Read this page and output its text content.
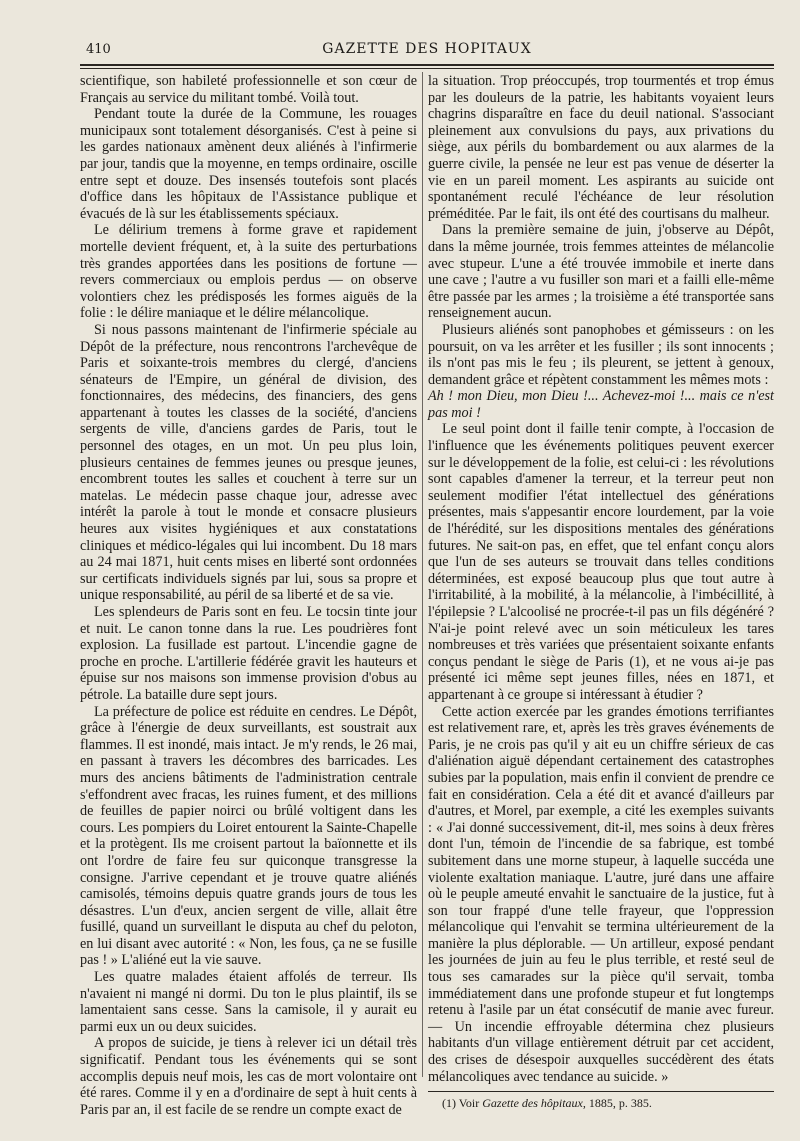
410	GAZETTE DES HOPITAUX

scientifique, son habileté professionnelle et son cœur de Français au service du militant tombé. Voilà tout.

Pendant toute la durée de la Commune, les rouages municipaux sont totalement désorganisés. C'est à peine si les gardes nationaux amènent deux aliénés à l'infirmerie par jour, tandis que la moyenne, en temps ordinaire, oscille entre sept et douze. Des insensés toutefois sont placés d'office dans les hôpitaux de l'Assistance publique et évacués de là sur les établissements spéciaux.

Le délirium tremens à forme grave et rapidement mortelle devient fréquent, et, à la suite des perturbations très grandes apportées dans les positions de fortune — revers commerciaux ou emplois perdus — on observe volontiers chez les prédisposés les formes aiguës de la folie : le délire maniaque et le délire mélancolique.

Si nous passons maintenant de l'infirmerie spéciale au Dépôt de la préfecture, nous rencontrons l'archevêque de Paris et soixante-trois membres du clergé, d'anciens sénateurs de l'Empire, un général de division, des fonctionnaires, des médecins, des financiers, des gens appartenant à toutes les classes de la société, d'anciens sergents de ville, d'anciens gardes de Paris, tout le personnel des otages, en un mot. Un peu plus loin, plusieurs centaines de femmes jeunes ou presque jeunes, encombrent toutes les salles et couchent à terre sur un matelas. Le médecin passe chaque jour, adresse avec intérêt la parole à tout le monde et consacre plusieurs heures aux visites hygiéniques et aux constatations cliniques et médico-légales qui lui incombent. Du 18 mars au 24 mai 1871, huit cents mises en liberté sont ordonnées sur certificats individuels signés par lui, sous sa propre et unique responsabilité, au péril de sa liberté et de sa vie.

Les splendeurs de Paris sont en feu. Le tocsin tinte jour et nuit. Le canon tonne dans la rue. Les poudrières font explosion. La fusillade est partout. L'incendie gagne de proche en proche. L'artillerie fédérée gravit les hauteurs et épuise sur nos maisons son immense provision d'obus au pétrole. La bataille dure sept jours.

La préfecture de police est réduite en cendres. Le Dépôt, grâce à l'énergie de deux surveillants, est soustrait aux flammes. Il est inondé, mais intact. Je m'y rends, le 26 mai, en passant à travers les décombres des barricades. Les murs des anciens bâtiments de l'administration centrale s'effondrent avec fracas, les ruines fument, et des millions de feuilles de papier noirci ou brûlé voltigent dans les cours. Les pompiers du Loiret entourent la Sainte-Chapelle et la protègent. Ils me croisent partout la baïonnette et ils ont l'ordre de faire feu sur quiconque transgresse la consigne. J'arrive cependant et je trouve quatre aliénés camisolés, témoins depuis quatre grands jours de tous les désastres. L'un d'eux, ancien sergent de ville, allait être fusillé, quand un surveillant le disputa au chef du peloton, en lui disant avec autorité : « Non, les fous, ça ne se fusille pas ! » L'aliéné eut la vie sauve.

Les quatre malades étaient affolés de terreur. Ils n'avaient ni mangé ni dormi. Du ton le plus plaintif, ils se lamentaient sans cesse. Sans la camisole, il y aurait eu parmi eux un ou deux suicides.

A propos de suicide, je tiens à relever ici un détail très significatif. Pendant tous les événements qui se sont accomplis depuis neuf mois, les cas de mort volontaire ont été rares. Comme il y en a d'ordinaire de sept à huit cents à Paris par an, il est facile de se rendre un compte exact de

la situation. Trop préoccupés, trop tourmentés et trop émus par les douleurs de la patrie, les habitants voyaient leurs chagrins disparaître en face du deuil national. S'associant pleinement aux convulsions du pays, aux privations du siège, aux périls du bombardement ou aux alarmes de la guerre civile, la pensée ne leur est pas venue de déserter la vie en un pareil moment. Les aspirants au suicide ont spontanément reculé l'échéance de leur résolution préméditée. Par le fait, ils ont été des courtisans du malheur.

Dans la première semaine de juin, j'observe au Dépôt, dans la même journée, trois femmes atteintes de mélancolie avec stupeur. L'une a été trouvée immobile et inerte dans une cave ; l'autre a vu fusiller son mari et a failli elle-même être passée par les armes ; la troisième a été transportée sans renseignement aucun.

Plusieurs aliénés sont panophobes et gémisseurs : on les poursuit, on va les arrêter et les fusiller ; ils sont innocents ; ils n'ont pas mis le feu ; ils pleurent, se jettent à genoux, demandent grâce et répètent constamment les mêmes mots :

Ah ! mon Dieu, mon Dieu !... Achevez-moi !... mais ce n'est pas moi !

Le seul point dont il faille tenir compte, à l'occasion de l'influence que les événements politiques peuvent exercer sur le développement de la folie, est celui-ci : les révolutions sont capables d'amener la terreur, et la terreur peut non seulement modifier l'état intellectuel des générations présentes, mais s'appesantir encore lourdement, par la voie de l'hérédité, sur les dispositions mentales des générations futures. Ne sait-on pas, en effet, que tel enfant conçu alors que l'un de ses auteurs se trouvait dans telles conditions déterminées, est exposé beaucoup plus que tout autre à l'irritabilité, à la mobilité, à la mélancolie, à l'imbécillité, à l'épilepsie ? L'alcoolisé ne procrée-t-il pas un fils dégénéré ? N'ai-je point relevé avec un soin méticuleux les tares nombreuses et très variées que présentaient soixante enfants conçus pendant le siège de Paris (1), et ne vous ai-je pas présenté ici même sept jeunes filles, nées en 1871, et appartenant à ce groupe si intéressant à étudier ?

Cette action exercée par les grandes émotions terrifiantes est relativement rare, et, après les très graves événements de Paris, je ne crois pas qu'il y ait eu un chiffre sérieux de cas d'aliénation aiguë dépendant certainement des catastrophes subies par la population, mais enfin il convient de prendre ce fait en considération. Cela a été dit et avancé d'ailleurs par d'autres, et Morel, par exemple, a cité les exemples suivants : « J'ai donné successivement, dit-il, mes soins à deux frères dont l'un, témoin de l'incendie de sa fabrique, est tombé subitement dans une morne stupeur, à laquelle succéda une violente exaltation maniaque. L'autre, juré dans une affaire où le peuple ameuté envahit le sanctuaire de la justice, fut à son tour frappé d'une telle frayeur, que l'oppression mélancolique qui l'envahit se termina ultérieurement de la manière la plus déplorable. — Un artilleur, exposé pendant les journées de juin au feu le plus terrible, et resté seul de tous ses camarades sur la pièce qu'il servait, tomba immédiatement dans une profonde stupeur et fut longtemps retenu à l'asile par un état consécutif de manie avec fureur. — Un incendie effroyable détermina chez plusieurs habitants d'un village entièrement détruit par cet accident, des crises de désespoir auxquelles succédèrent des états mélancoliques avec tendance au suicide. »

(1) Voir Gazette des hôpitaux, 1885, p. 385.
